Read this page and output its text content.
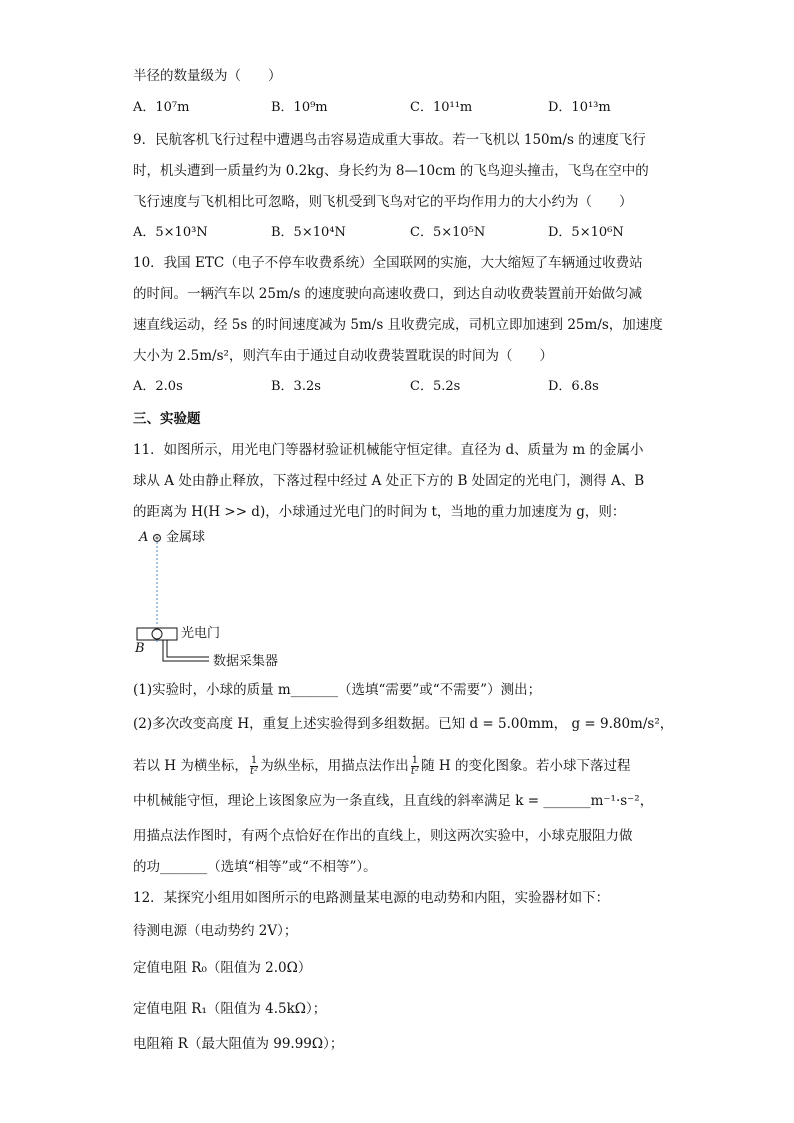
半径的数量级为（　　）
A．10⁷m	B．10⁹m	C．10¹¹m	D．10¹³m
9．民航客机飞行过程中遭遇鸟击容易造成重大事故。若一飞机以 150m/s 的速度飞行
时，机头遭到一质量约为 0.2kg、身长约为 8—10cm 的飞鸟迎头撞击，飞鸟在空中的
飞行速度与飞机相比可忽略，则飞机受到飞鸟对它的平均作用力的大小约为（　　）
A．5×10³N	B．5×10⁴N	C．5×10⁵N	D．5×10⁶N
10．我国 ETC（电子不停车收费系统）全国联网的实施，大大缩短了车辆通过收费站
的时间。一辆汽车以 25m/s 的速度驶向高速收费口，到达自动收费装置前开始做匀减
速直线运动，经 5s 的时间速度减为 5m/s 且收费完成，司机立即加速到 25m/s，加速度
大小为 2.5m/s²，则汽车由于通过自动收费装置耽误的时间为（　　）
A．2.0s	B．3.2s	C．5.2s	D．6.8s
三、实验题
11．如图所示，用光电门等器材验证机械能守恒定律。直径为 d、质量为 m 的金属小
球从 A 处由静止释放，下落过程中经过 A 处正下方的 B 处固定的光电门，测得 A、B
的距离为 H(H >> d)，小球通过光电门的时间为 t，当地的重力加速度为 g，则：
A 金属球
光电门
B
数据采集器
(1)实验时，小球的质量 m_______（选填“需要”或“不需要”）测出；
(2)多次改变高度 H，重复上述实验得到多组数据。已知 d = 5.00mm， g = 9.80m/s²，
若以 H 为横坐标， $\frac{1}{\text{t²}}$ 为纵坐标，用描点法作出 $\frac{1}{\text{t²}}$ 随 H 的变化图象。若小球下落过程
中机械能守恒，理论上该图象应为一条直线，且直线的斜率满足 k = _______m⁻¹·s⁻²，
用描点法作图时，有两个点恰好在作出的直线上，则这两次实验中，小球克服阻力做
的功_______（选填“相等”或“不相等”）。
12．某探究小组用如图所示的电路测量某电源的电动势和内阻，实验器材如下：
待测电源（电动势约 2V）；
定值电阻 R₀（阻值为 2.0Ω）
定值电阻 R₁（阻值为 4.5kΩ）；
电阻箱 R（最大阻值为 99.99Ω）；
